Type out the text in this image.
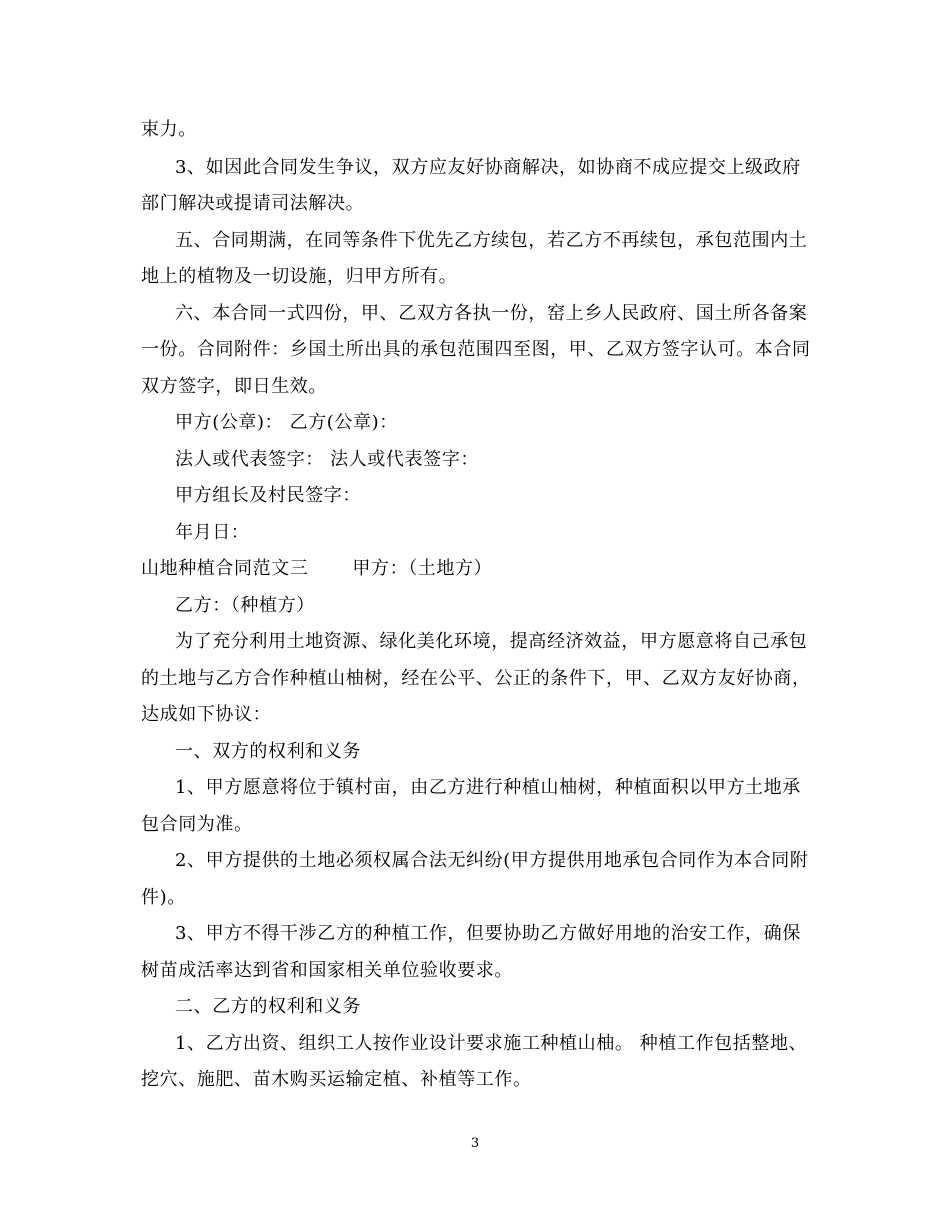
束力。
3、如因此合同发生争议，双方应友好协商解决，如协商不成应提交上级政府
部门解决或提请司法解决。
五、合同期满，在同等条件下优先乙方续包，若乙方不再续包，承包范围内土
地上的植物及一切设施，归甲方所有。
六、本合同一式四份，甲、乙双方各执一份，窑上乡人民政府、国土所各备案
一份。合同附件：乡国土所出具的承包范围四至图，甲、乙双方签字认可。本合同
双方签字，即日生效。
甲方(公章)： 乙方(公章)：
法人或代表签字： 法人或代表签字：
甲方组长及村民签字：
年月日：
山地种植合同范文三 甲方：（土地方）
乙方：（种植方）
为了充分利用土地资源、绿化美化环境，提高经济效益，甲方愿意将自己承包
的土地与乙方合作种植山柚树，经在公平、公正的条件下，甲、乙双方友好协商，
达成如下协议：
一、双方的权利和义务
1、甲方愿意将位于镇村亩，由乙方进行种植山柚树，种植面积以甲方土地承
包合同为准。
2、甲方提供的土地必须权属合法无纠纷(甲方提供用地承包合同作为本合同附
件)。
3、甲方不得干涉乙方的种植工作，但要协助乙方做好用地的治安工作，确保
树苗成活率达到省和国家相关单位验收要求。
二、乙方的权利和义务
1、乙方出资、组织工人按作业设计要求施工种植山柚。 种植工作包括整地、
挖穴、施肥、苗木购买运输定植、补植等工作。
3
